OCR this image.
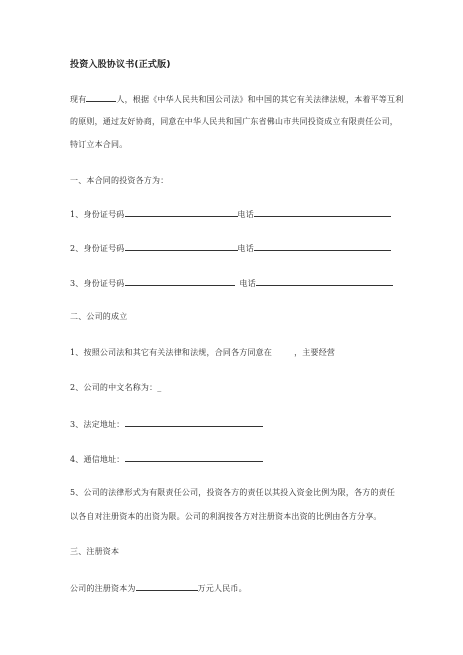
投资入股协议书(正式版)
现有	人，根据《中华人民共和国公司法》和中国的其它有关法律法规，本着平等互利
的原则，通过友好协商，同意在中华人民共和国广东省佛山市共同投资成立有限责任公司，
特订立本合同。
一、本合同的投资各方为：
1、身份证号码	电话
2、身份证号码	电话
3、身份证号码	电话
二、公司的成立
1、按照公司法和其它有关法律和法规，合同各方同意在	，主要经营
2、公司的中文名称为：_
3、法定地址：
4、通信地址：
5、公司的法律形式为有限责任公司，投资各方的责任以其投入资金比例为限，各方的责任
以各自对注册资本的出资为限。公司的利润按各方对注册资本出资的比例由各方分享。
三、注册资本
公司的注册资本为	万元人民币。
